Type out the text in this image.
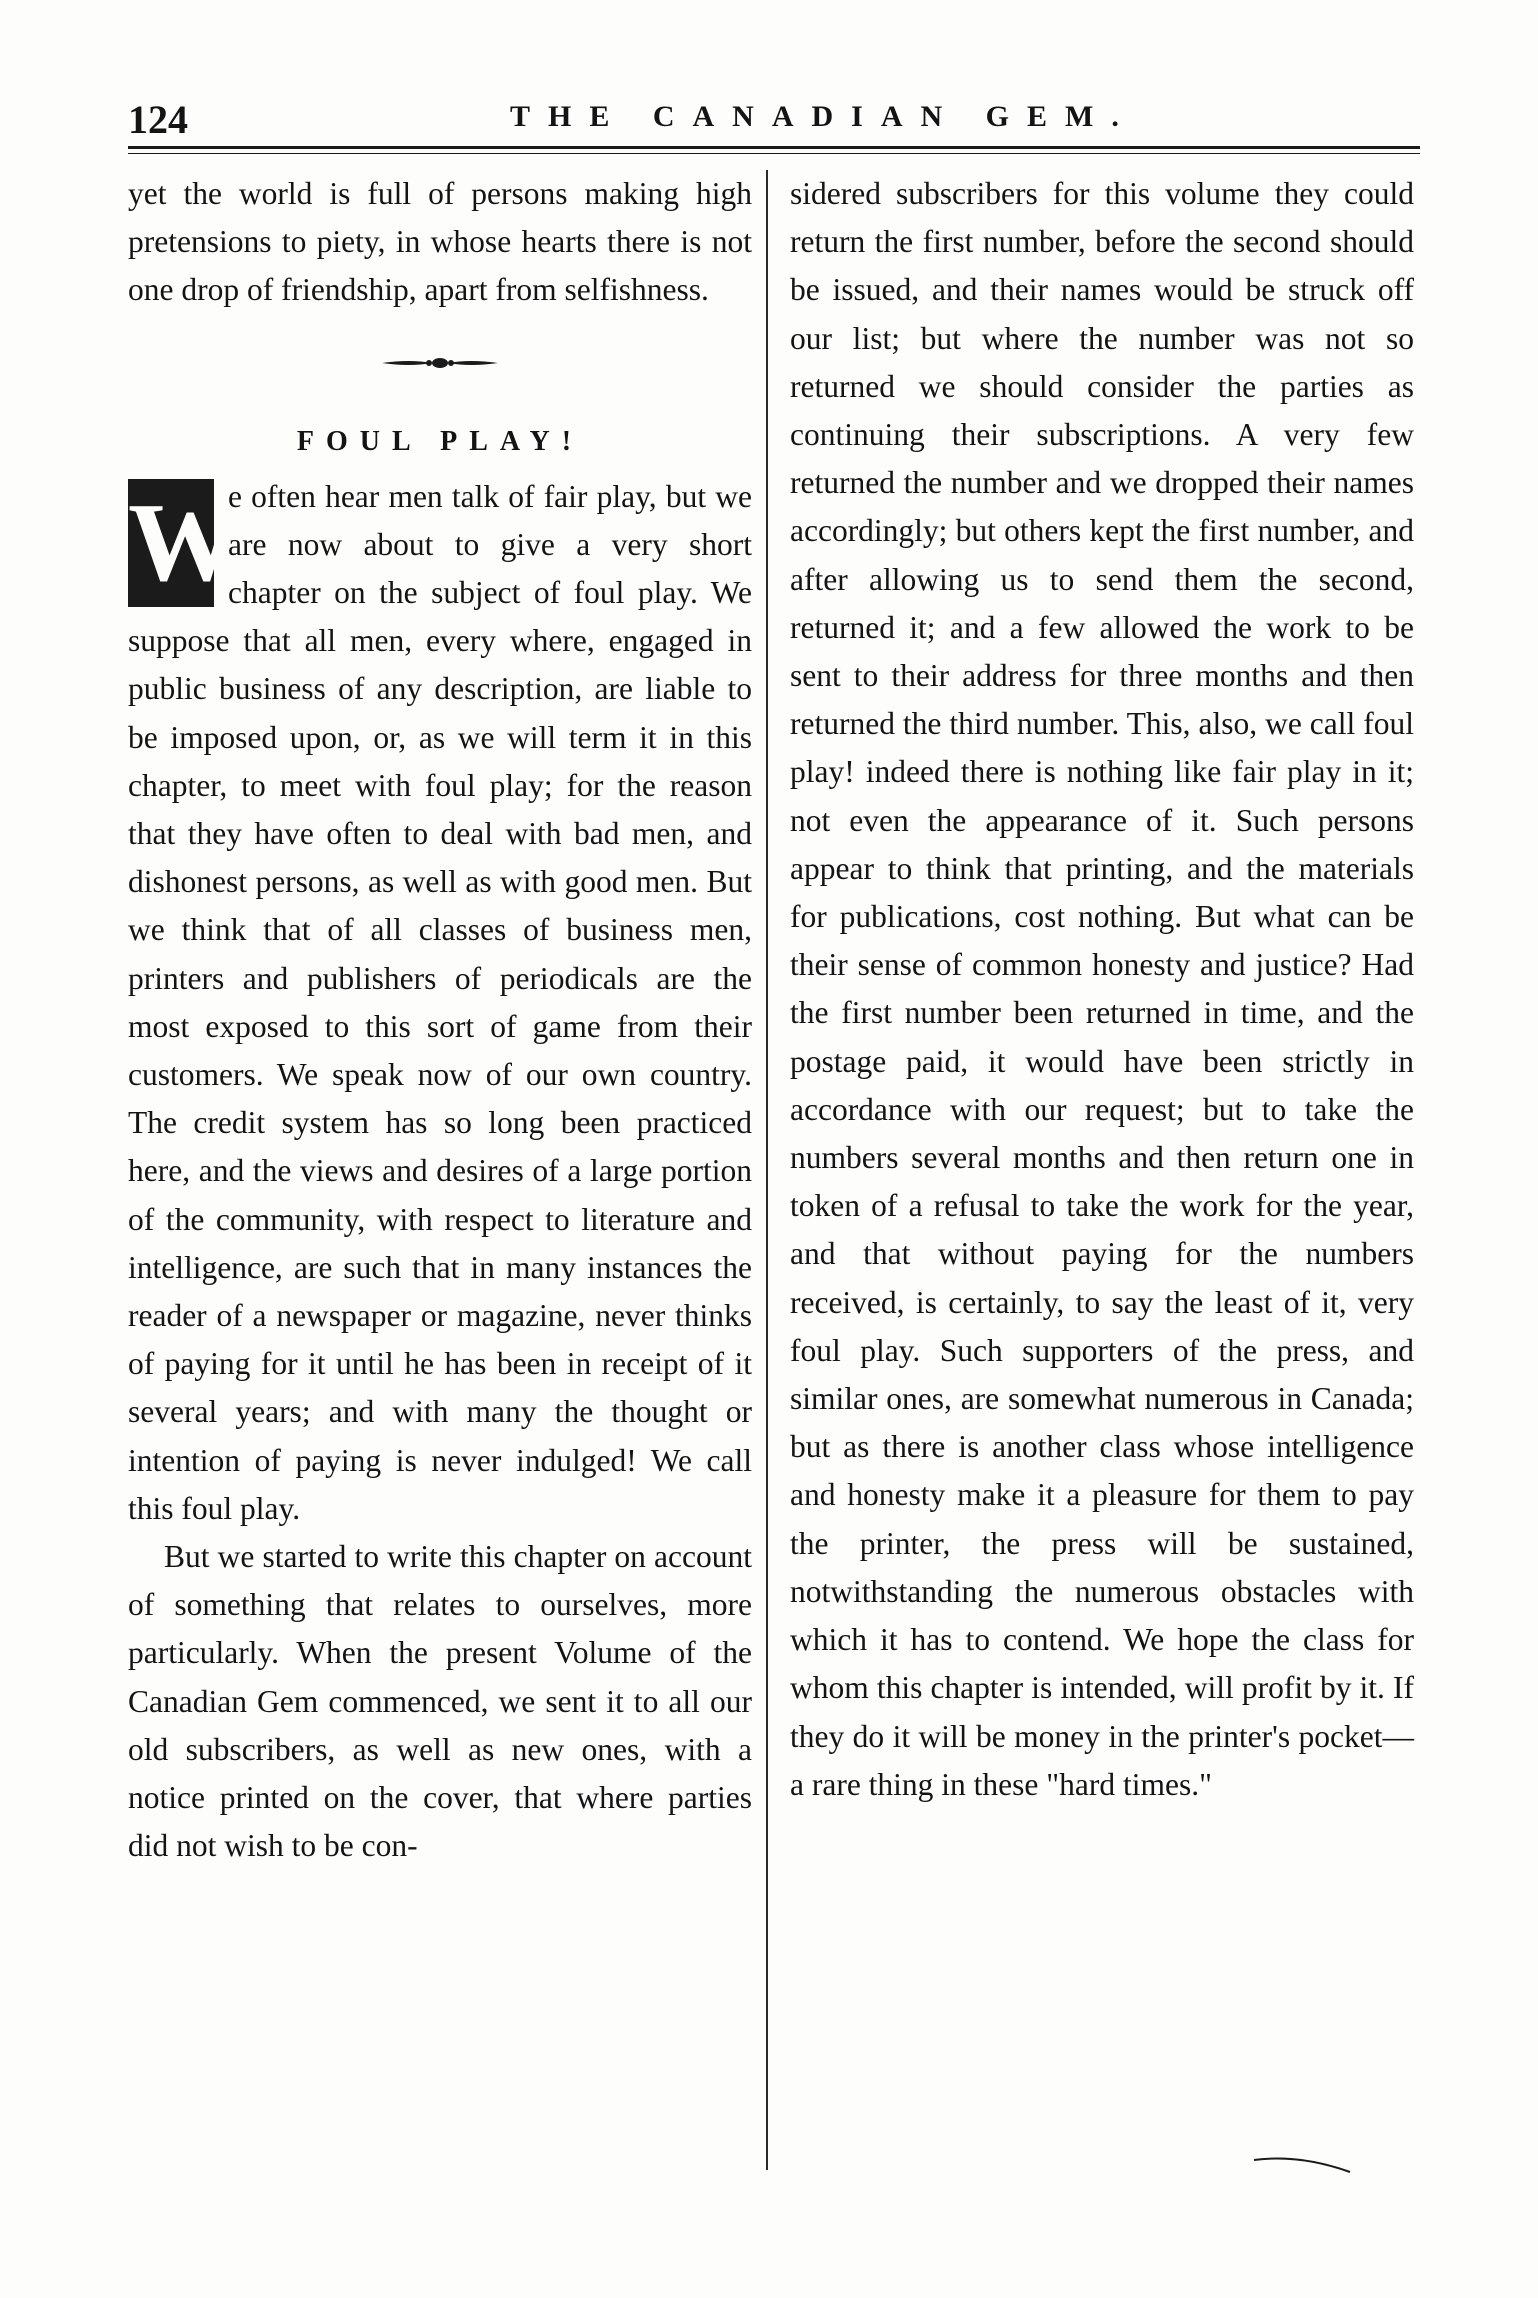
124	THE CANADIAN GEM.

yet the world is full of persons making high pretensions to piety, in whose hearts there is not one drop of friendship, apart from selfishness.

FOUL PLAY!

W
e often hear men talk of fair play, but we are now about to give a very short chapter on the subject of foul play. We suppose that all men, every where, engaged in public business of any description, are liable to be imposed upon, or, as we will term it in this chapter, to meet with foul play; for the reason that they have often to deal with bad men, and dishonest persons, as well as with good men. But we think that of all classes of business men, printers and publishers of periodicals are the most exposed to this sort of game from their customers. We speak now of our own country. The credit system has so long been practiced here, and the views and desires of a large portion of the community, with respect to literature and intelligence, are such that in many instances the reader of a newspaper or magazine, never thinks of paying for it until he has been in receipt of it several years; and with many the thought or intention of paying is never indulged! We call this foul play.

But we started to write this chapter on account of something that relates to ourselves, more particularly. When the present Volume of the Canadian Gem commenced, we sent it to all our old subscribers, as well as new ones, with a notice printed on the cover, that where parties did not wish to be con-

sidered subscribers for this volume they could return the first number, before the second should be issued, and their names would be struck off our list; but where the number was not so returned we should consider the parties as continuing their subscriptions. A very few returned the number and we dropped their names accordingly; but others kept the first number, and after allowing us to send them the second, returned it; and a few allowed the work to be sent to their address for three months and then returned the third number. This, also, we call foul play! indeed there is nothing like fair play in it; not even the appearance of it. Such persons appear to think that printing, and the materials for publications, cost nothing. But what can be their sense of common honesty and justice? Had the first number been returned in time, and the postage paid, it would have been strictly in accordance with our request; but to take the numbers several months and then return one in token of a refusal to take the work for the year, and that without paying for the numbers received, is certainly, to say the least of it, very foul play. Such supporters of the press, and similar ones, are somewhat numerous in Canada; but as there is another class whose intelligence and honesty make it a pleasure for them to pay the printer, the press will be sustained, notwithstanding the numerous obstacles with which it has to contend. We hope the class for whom this chapter is intended, will profit by it. If they do it will be money in the printer's pocket—a rare thing in these "hard times."
